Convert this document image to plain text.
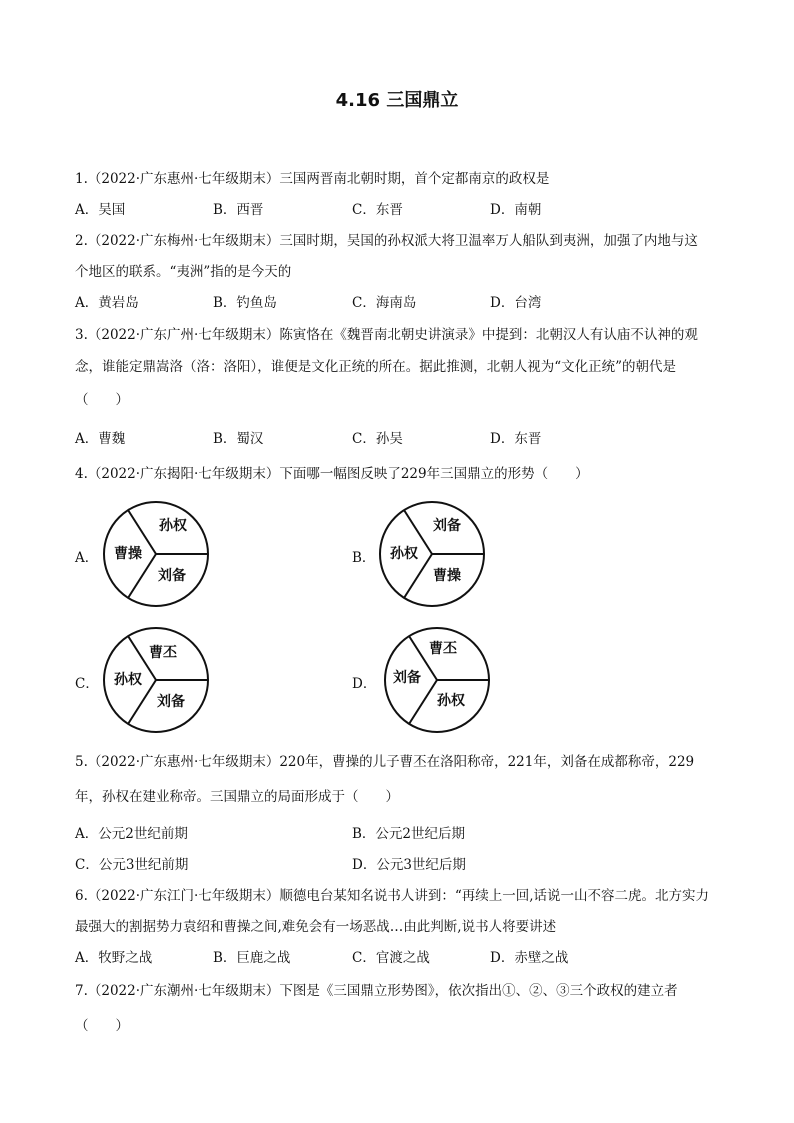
4.16 三国鼎立
1.（2022·广东惠州·七年级期末）三国两晋南北朝时期，首个定都南京的政权是
A．吴国	B．西晋	C．东晋	D．南朝
2.（2022·广东梅州·七年级期末）三国时期，吴国的孙权派大将卫温率万人船队到夷洲，加强了内地与这
个地区的联系。“夷洲”指的是今天的
A．黄岩岛	B．钓鱼岛	C．海南岛	D．台湾
3.（2022·广东广州·七年级期末）陈寅恪在《魏晋南北朝史讲演录》中提到：北朝汉人有认庙不认神的观
念，谁能定鼎嵩洛（洛：洛阳），谁便是文化正统的所在。据此推测，北朝人视为“文化正统”的朝代是
（　　）
A．曹魏	B．蜀汉	C．孙吴	D．东晋
4.（2022·广东揭阳·七年级期末）下面哪一幅图反映了229年三国鼎立的形势（　　）
A．
孙权
曹操
刘备
B．
刘备
孙权
曹操
C．
曹丕
孙权
刘备
D．
曹丕
刘备
孙权
5.（2022·广东惠州·七年级期末）220年，曹操的儿子曹丕在洛阳称帝，221年，刘备在成都称帝，229
年，孙权在建业称帝。三国鼎立的局面形成于（　　）
A．公元2世纪前期	B．公元2世纪后期
C．公元3世纪前期	D．公元3世纪后期
6.（2022·广东江门·七年级期末）顺德电台某知名说书人讲到：“再续上一回,话说一山不容二虎。北方实力
最强大的割据势力袁绍和曹操之间,难免会有一场恶战…由此判断,说书人将要讲述
A．牧野之战	B．巨鹿之战	C．官渡之战	D．赤壁之战
7.（2022·广东潮州·七年级期末）下图是《三国鼎立形势图》，依次指出①、②、③三个政权的建立者
（　　）
